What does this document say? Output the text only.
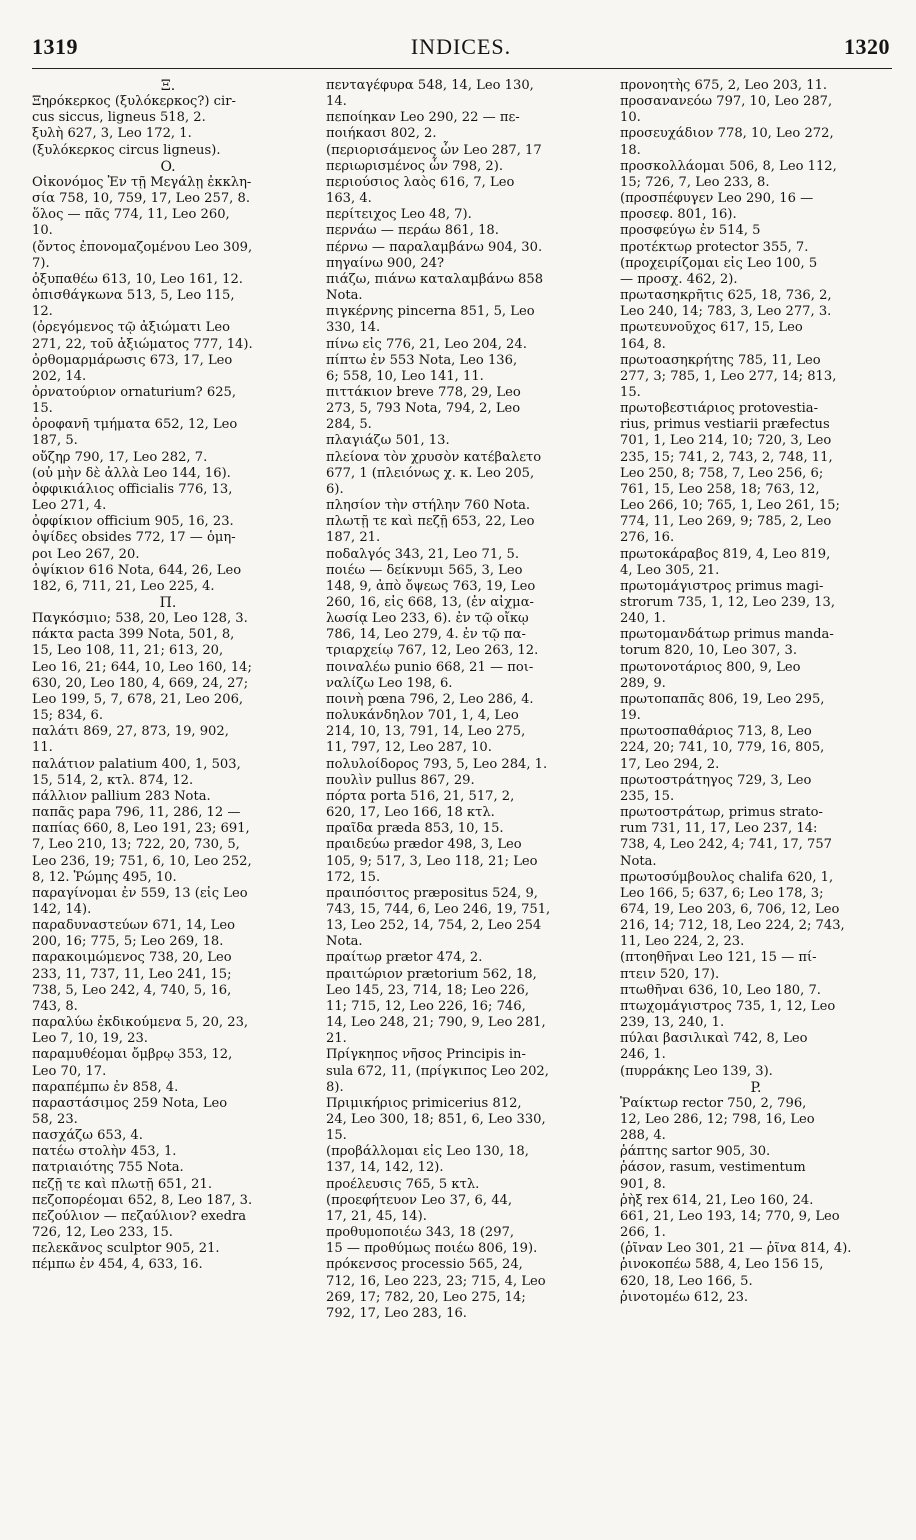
1319	INDICES.	1320
Ξ.
Ξηρόκερκος (ξυλόκερκος?) cir-
cus siccus, ligneus 518, 2.
ξυλὴ 627, 3, Leo 172, 1.
(ξυλόκερκος circus ligneus).
O.
Οἰκονόμος Ἐν τῇ Μεγάλῃ ἐκκλη-
σία 758, 10, 759, 17, Leo 257, 8.
ὅλος — πᾶς 774, 11, Leo 260,
10.
(ὄντος ἐπονομαζομένου Leo 309,
7).
ὀξυπαθέω 613, 10, Leo 161, 12.
ὀπισθάγκωνα 513, 5, Leo 115,
12.
(ὀρεγόμενος τῷ ἀξιώματι Leo
271, 22, τοῦ ἀξιώματος 777, 14).
ὀρθομαρμάρωσις 673, 17, Leo
202, 14.
ὀρνατούριον ornaturium? 625,
15.
ὀροφανῆ τμήματα 652, 12, Leo
187, 5.
οὔζηρ 790, 17, Leo 282, 7.
(οὐ μὴν δὲ ἀλλὰ Leo 144, 16).
ὀφφικιάλιος officialis 776, 13,
Leo 271, 4.
ὀφφίκιον officium 905, 16, 23.
ὀψίδες obsides 772, 17 — ὁμη-
ροι Leo 267, 20.
ὀψίκιον 616 Nota, 644, 26, Leo
182, 6, 711, 21, Leo 225, 4.
Π.
Παγκόσμιο; 538, 20, Leo 128, 3.
πάκτα pacta 399 Nota, 501, 8,
15, Leo 108, 11, 21; 613, 20,
Leo 16, 21; 644, 10, Leo 160, 14;
630, 20, Leo 180, 4, 669, 24, 27;
Leo 199, 5, 7, 678, 21, Leo 206,
15; 834, 6.
παλάτι 869, 27, 873, 19, 902,
11.
παλάτιον palatium 400, 1, 503,
15, 514, 2, κτλ. 874, 12.
πάλλιον pallium 283 Nota.
παπᾶς papa 796, 11, 286, 12 —
παπίας 660, 8, Leo 191, 23; 691,
7, Leo 210, 13; 722, 20, 730, 5,
Leo 236, 19; 751, 6, 10, Leo 252,
8, 12. Ῥώμης 495, 10.
παραγίνομαι ἐν 559, 13 (εἰς Leo
142, 14).
παραδυναστεύων 671, 14, Leo
200, 16; 775, 5; Leo 269, 18.
παρακοιμώμενος 738, 20, Leo
233, 11, 737, 11, Leo 241, 15;
738, 5, Leo 242, 4, 740, 5, 16,
743, 8.
παραλύω ἐκδικούμενα 5, 20, 23,
Leo 7, 10, 19, 23.
παραμυθέομαι ὄμβρῳ 353, 12,
Leo 70, 17.
παραπέμπω ἐν 858, 4.
παραστάσιμος 259 Nota, Leo
58, 23.
πασχάζω 653, 4.
πατέω στολὴν 453, 1.
πατριαιότης 755 Nota.
πεζῇ τε καὶ πλωτῇ 651, 21.
πεζοπορέομαι 652, 8, Leo 187, 3.
πεζούλιον — πεζαύλιον? exedra
726, 12, Leo 233, 15.
πελεκᾶνος sculptor 905, 21.
πέμπω ἐν 454, 4, 633, 16.
πενταγέφυρα 548, 14, Leo 130,
14.
πεποίηκαν Leo 290, 22 — πε-
ποιήκασι 802, 2.
(περιορισάμενος ὧν Leo 287, 17
περιωρισμένος ὧν 798, 2).
περιούσιος λαὸς 616, 7, Leo
163, 4.
περίτειχος Leo 48, 7).
περνάω — περάω 861, 18.
πέρνω — παραλαμβάνω 904, 30.
πηγαίνω 900, 24?
πιάζω, πιάνω καταλαμβάνω 858
Nota.
πιγκέρνης pincerna 851, 5, Leo
330, 14.
πίνω εἰς 776, 21, Leo 204, 24.
πίπτω ἐν 553 Nota, Leo 136,
6; 558, 10, Leo 141, 11.
πιττάκιον breve 778, 29, Leo
273, 5, 793 Nota, 794, 2, Leo
284, 5.
πλαγιάζω 501, 13.
πλείονα τὸν χρυσὸν κατέβαλετο
677, 1 (πλειόνως χ. κ. Leo 205,
6).
πλησίον τὴν στήλην 760 Nota.
πλωτῇ τε καὶ πεζῇ 653, 22, Leo
187, 21.
ποδαλγός 343, 21, Leo 71, 5.
ποιέω — δείκνυμι 565, 3, Leo
148, 9, ἀπὸ ὄψεως 763, 19, Leo
260, 16, εἰς 668, 13, (ἐν αἰχμα-
λωσίᾳ Leo 233, 6). ἐν τῷ οἴκῳ
786, 14, Leo 279, 4. ἐν τῷ πα-
τριαρχείῳ 767, 12, Leo 263, 12.
ποιναλέω punio 668, 21 — ποι-
ναλίζω Leo 198, 6.
ποινὴ pœna 796, 2, Leo 286, 4.
πολυκάνδηλον 701, 1, 4, Leo
214, 10, 13, 791, 14, Leo 275,
11, 797, 12, Leo 287, 10.
πολυλοίδορος 793, 5, Leo 284, 1.
πουλὶν pullus 867, 29.
πόρτα porta 516, 21, 517, 2,
620, 17, Leo 166, 18 κτλ.
πραῖδα præda 853, 10, 15.
πραιδεύω prædor 498, 3, Leo
105, 9; 517, 3, Leo 118, 21; Leo
172, 15.
πραιπόσιτος præpositus 524, 9,
743, 15, 744, 6, Leo 246, 19, 751,
13, Leo 252, 14, 754, 2, Leo 254
Nota.
πραίτωρ prætor 474, 2.
πραιτώριον prætorium 562, 18,
Leo 145, 23, 714, 18; Leo 226,
11; 715, 12, Leo 226, 16; 746,
14, Leo 248, 21; 790, 9, Leo 281,
21.
Πρίγκηπος νῆσος Principis in-
sula 672, 11, (πρίγκιπος Leo 202,
8).
Πριμικήριος primicerius 812,
24, Leo 300, 18; 851, 6, Leo 330,
15.
(προβάλλομαι εἰς Leo 130, 18,
137, 14, 142, 12).
προέλευσις 765, 5 κτλ.
(προεφήτευον Leo 37, 6, 44,
17, 21, 45, 14).
προθυμοποιέω 343, 18 (297,
15 — προθύμως ποιέω 806, 19).
πρόκενσος processio 565, 24,
712, 16, Leo 223, 23; 715, 4, Leo
269, 17; 782, 20, Leo 275, 14;
792, 17, Leo 283, 16.
προνοητὴς 675, 2, Leo 203, 11.
προσανανεόω 797, 10, Leo 287,
10.
προσευχάδιον 778, 10, Leo 272,
18.
προσκολλάομαι 506, 8, Leo 112,
15; 726, 7, Leo 233, 8.
(προσπέφυγεν Leo 290, 16 —
πρoσεφ. 801, 16).
προσφεύγω ἐν 514, 5
προτέκτωρ protector 355, 7.
(προχειρίζομαι εἰς Leo 100, 5
— προσχ. 462, 2).
πρωτασηκρῆτις 625, 18, 736, 2,
Leo 240, 14; 783, 3, Leo 277, 3.
πρωτευνοῦχος 617, 15, Leo
164, 8.
πρωτοασηκρήτης 785, 11, Leo
277, 3; 785, 1, Leo 277, 14; 813,
15.
πρωτοβεστιάριος protovestia-
rius, primus vestiarii præfectus
701, 1, Leo 214, 10; 720, 3, Leo
235, 15; 741, 2, 743, 2, 748, 11,
Leo 250, 8; 758, 7, Leo 256, 6;
761, 15, Leo 258, 18; 763, 12,
Leo 266, 10; 765, 1, Leo 261, 15;
774, 11, Leo 269, 9; 785, 2, Leo
276, 16.
πρωτοκάραβος 819, 4, Leo 819,
4, Leo 305, 21.
πρωτομάγιστρος primus magi-
strorum 735, 1, 12, Leo 239, 13,
240, 1.
πρωτομανδάτωρ primus manda-
torum 820, 10, Leo 307, 3.
πρωτονοτάριος 800, 9, Leo
289, 9.
πρωτοπαπᾶς 806, 19, Leo 295,
19.
πρωτοσπαθάριος 713, 8, Leo
224, 20; 741, 10, 779, 16, 805,
17, Leo 294, 2.
πρωτοστράτηγος 729, 3, Leo
235, 15.
πρωτοστράτωρ, primus strato-
rum 731, 11, 17, Leo 237, 14:
738, 4, Leo 242, 4; 741, 17, 757
Nota.
πρωτοσύμβουλος chalifa 620, 1,
Leo 166, 5; 637, 6; Leo 178, 3;
674, 19, Leo 203, 6, 706, 12, Leo
216, 14; 712, 18, Leo 224, 2; 743,
11, Leo 224, 2, 23.
(πτοηθῆναι Leo 121, 15 — πί-
πτειν 520, 17).
πτωθῆναι 636, 10, Leo 180, 7.
πτωχομάγιστρος 735, 1, 12, Leo
239, 13, 240, 1.
πύλαι βασιλικαὶ 742, 8, Leo
246, 1.
(πυρράκης Leo 139, 3).
P.
Ῥαίκτωρ rector 750, 2, 796,
12, Leo 286, 12; 798, 16, Leo
288, 4.
ῥάπτης sartor 905, 30.
ῥάσον, rasum, vestimentum
901, 8.
ῥὴξ rex 614, 21, Leo 160, 24.
661, 21, Leo 193, 14; 770, 9, Leo
266, 1.
(ῥῖναν Leo 301, 21 — ῥῖνα 814, 4).
ῥινοκοπέω 588, 4, Leo 156 15,
620, 18, Leo 166, 5.
ῥινοτομέω 612, 23.
